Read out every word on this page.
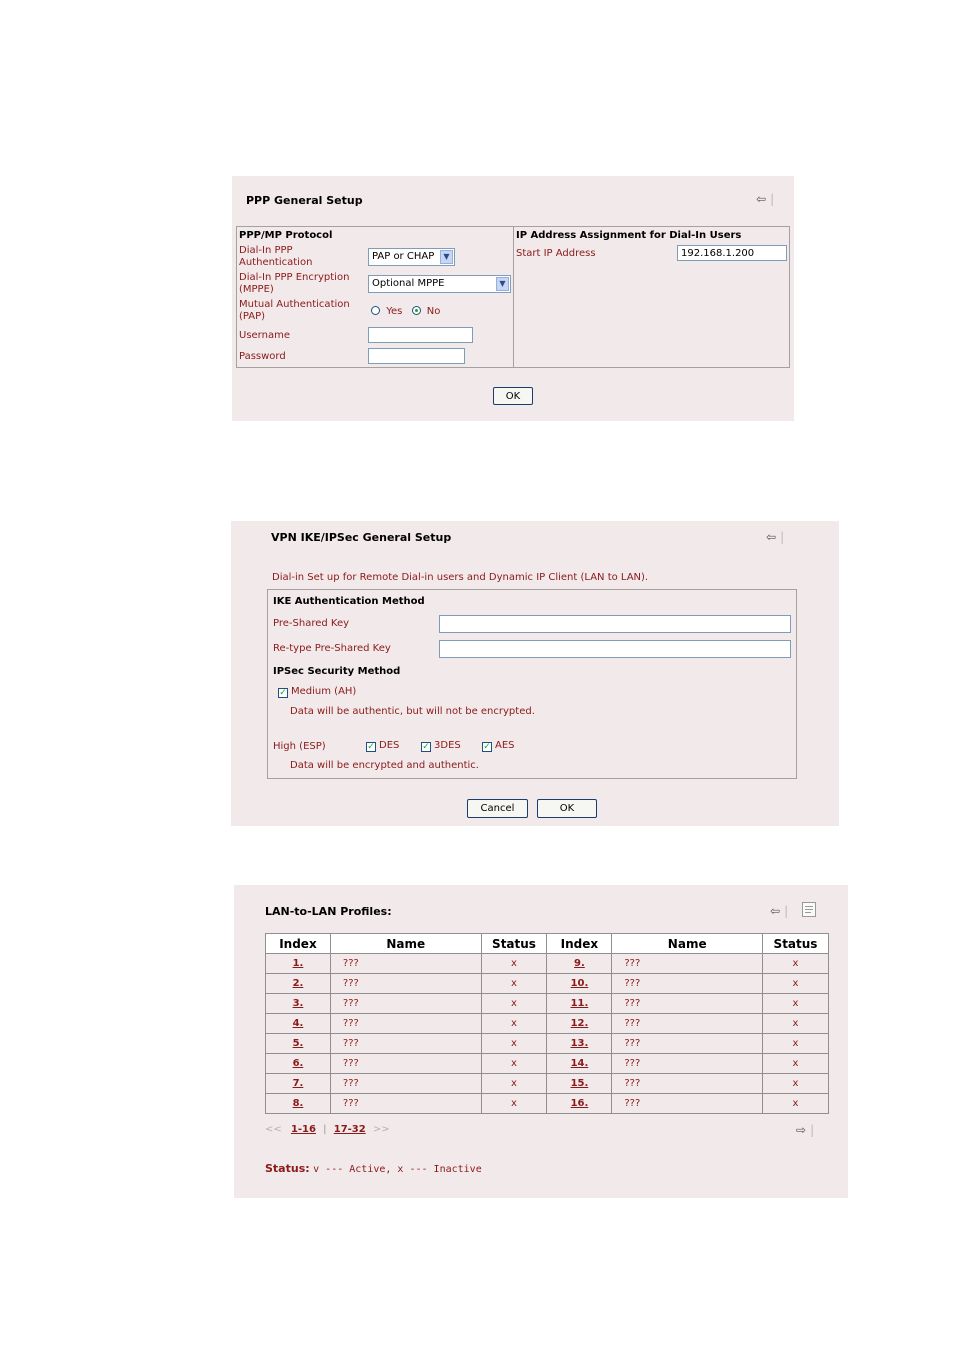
PPP General Setup	⇦ |
PPP/MP Protocol
Dial-In PPP Authentication
PAP or CHAP	▼
Dial-In PPP Encryption (MPPE)
Optional MPPE	▼
Mutual Authentication (PAP)	Yes No
Username
Password
IP Address Assignment for Dial-In Users
Start IP Address
192.168.1.200
OK
VPN IKE/IPSec General Setup	⇦ |
Dial-in Set up for Remote Dial-in users and Dynamic IP Client (LAN to LAN).
IKE Authentication Method
Pre-Shared Key
Re-type Pre-Shared Key
IPSec Security Method
✓ Medium (AH)
Data will be authentic, but will not be encrypted.
High (ESP)	✓ DES	✓ 3DES ✓ AES
Data will be encrypted and authentic.
Cancel	OK
LAN-to-LAN Profiles:	⇦ |
Index	Name	Status	Index	Name	Status
1.	???	x	9.	???	x
2.	???	x	10.	???	x
3.	???	x	11.	???	x
4.	???	x	12.	???	x
5.	???	x	13.	???	x
6.	???	x	14.	???	x
7.	???	x	15.	???	x
8.	???	x	16.	???	x
<< 1-16 | 17-32 >>	⇨ |
Status: v --- Active, x --- Inactive
